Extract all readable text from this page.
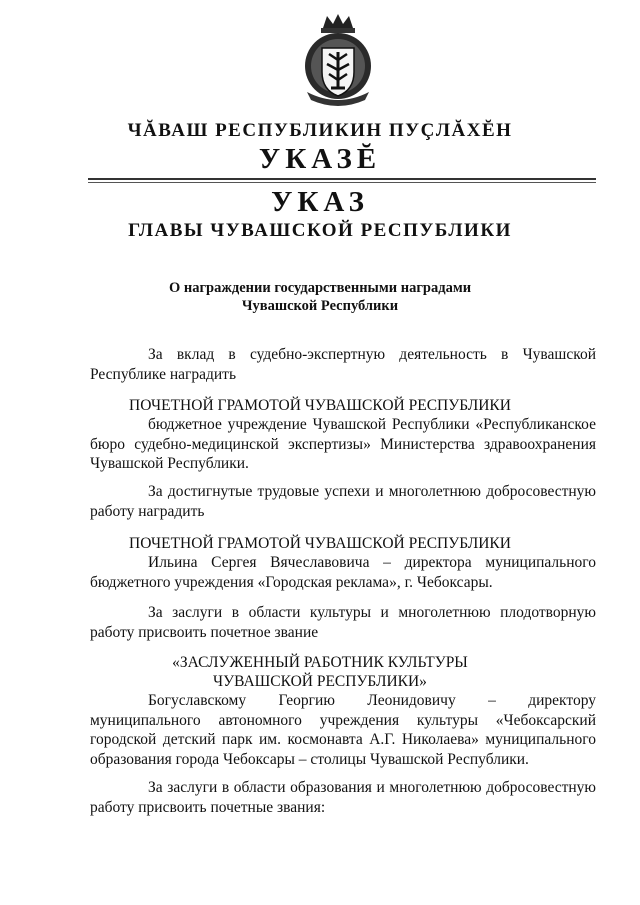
ЧĂВАШ РЕСПУБЛИКИН ПУÇЛĂХĔН
УКАЗĔ
УКАЗ
ГЛАВЫ ЧУВАШСКОЙ РЕСПУБЛИКИ
О награждении государственными наградами
Чувашской Республики
За вклад в судебно-экспертную деятельность в Чувашской Республике наградить
ПОЧЕТНОЙ ГРАМОТОЙ ЧУВАШСКОЙ РЕСПУБЛИКИ
бюджетное учреждение Чувашской Республики «Республиканское бюро судебно-медицинской экспертизы» Министерства здравоохранения Чувашской Республики.
За достигнутые трудовые успехи и многолетнюю добросовестную работу наградить
ПОЧЕТНОЙ ГРАМОТОЙ ЧУВАШСКОЙ РЕСПУБЛИКИ
Ильина Сергея Вячеславовича – директора муниципального бюджетного учреждения «Городская реклама», г. Чебоксары.
За заслуги в области культуры и многолетнюю плодотворную работу присвоить почетное звание
«ЗАСЛУЖЕННЫЙ РАБОТНИК КУЛЬТУРЫ
ЧУВАШСКОЙ РЕСПУБЛИКИ»
Богуславскому Георгию Леонидовичу – директору муниципального автономного учреждения культуры «Чебоксарский городской детский парк им. космонавта А.Г. Николаева» муниципального образования города Чебоксары – столицы Чувашской Республики.
За заслуги в области образования и многолетнюю добросовестную работу присвоить почетные звания:
